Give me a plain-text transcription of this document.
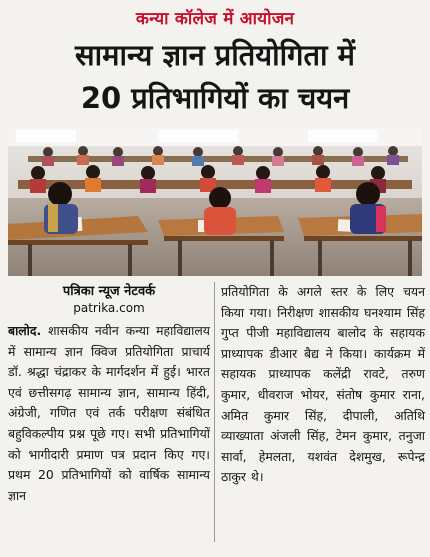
कन्या कॉलेज में आयोजन
सामान्य ज्ञान प्रतियोगिता में
20 प्रतिभागियों का चयन
पत्रिका न्यूज नेटवर्क
patrika.com
बालोद. शासकीय नवीन कन्या महाविद्यालय में सामान्य ज्ञान क्विज प्रतियोगिता प्राचार्य डॉ. श्रद्धा चंद्राकर के मार्गदर्शन में हुई। भारत एवं छत्तीसगढ़ सामान्य ज्ञान, सामान्य हिंदी, अंग्रेजी, गणित एवं तर्क परीक्षण संबंधित बहुविकल्पीय प्रश्न पूछे गए। सभी प्रतिभागियों को भागीदारी प्रमाण पत्र प्रदान किए गए। प्रथम 20 प्रतिभागियों को वार्षिक सामान्य ज्ञान
प्रतियोगिता के अगले स्तर के लिए चयन किया गया। निरीक्षण शासकीय घनश्याम सिंह गुप्त पीजी महाविद्यालय बालोद के सहायक प्राध्यापक डीआर बैद्य ने किया। कार्यक्रम में सहायक प्राध्यापक कलेंद्री रावटे, तरुण कुमार, धीवराज भोयर, संतोष कुमार राना, अमित कुमार सिंह, दीपाली, अतिथि व्याख्याता अंजली सिंह, टेमन कुमार, तनुजा सार्वा, हेमलता, यशवंत देशमुख, रूपेन्द्र ठाकुर थे।
